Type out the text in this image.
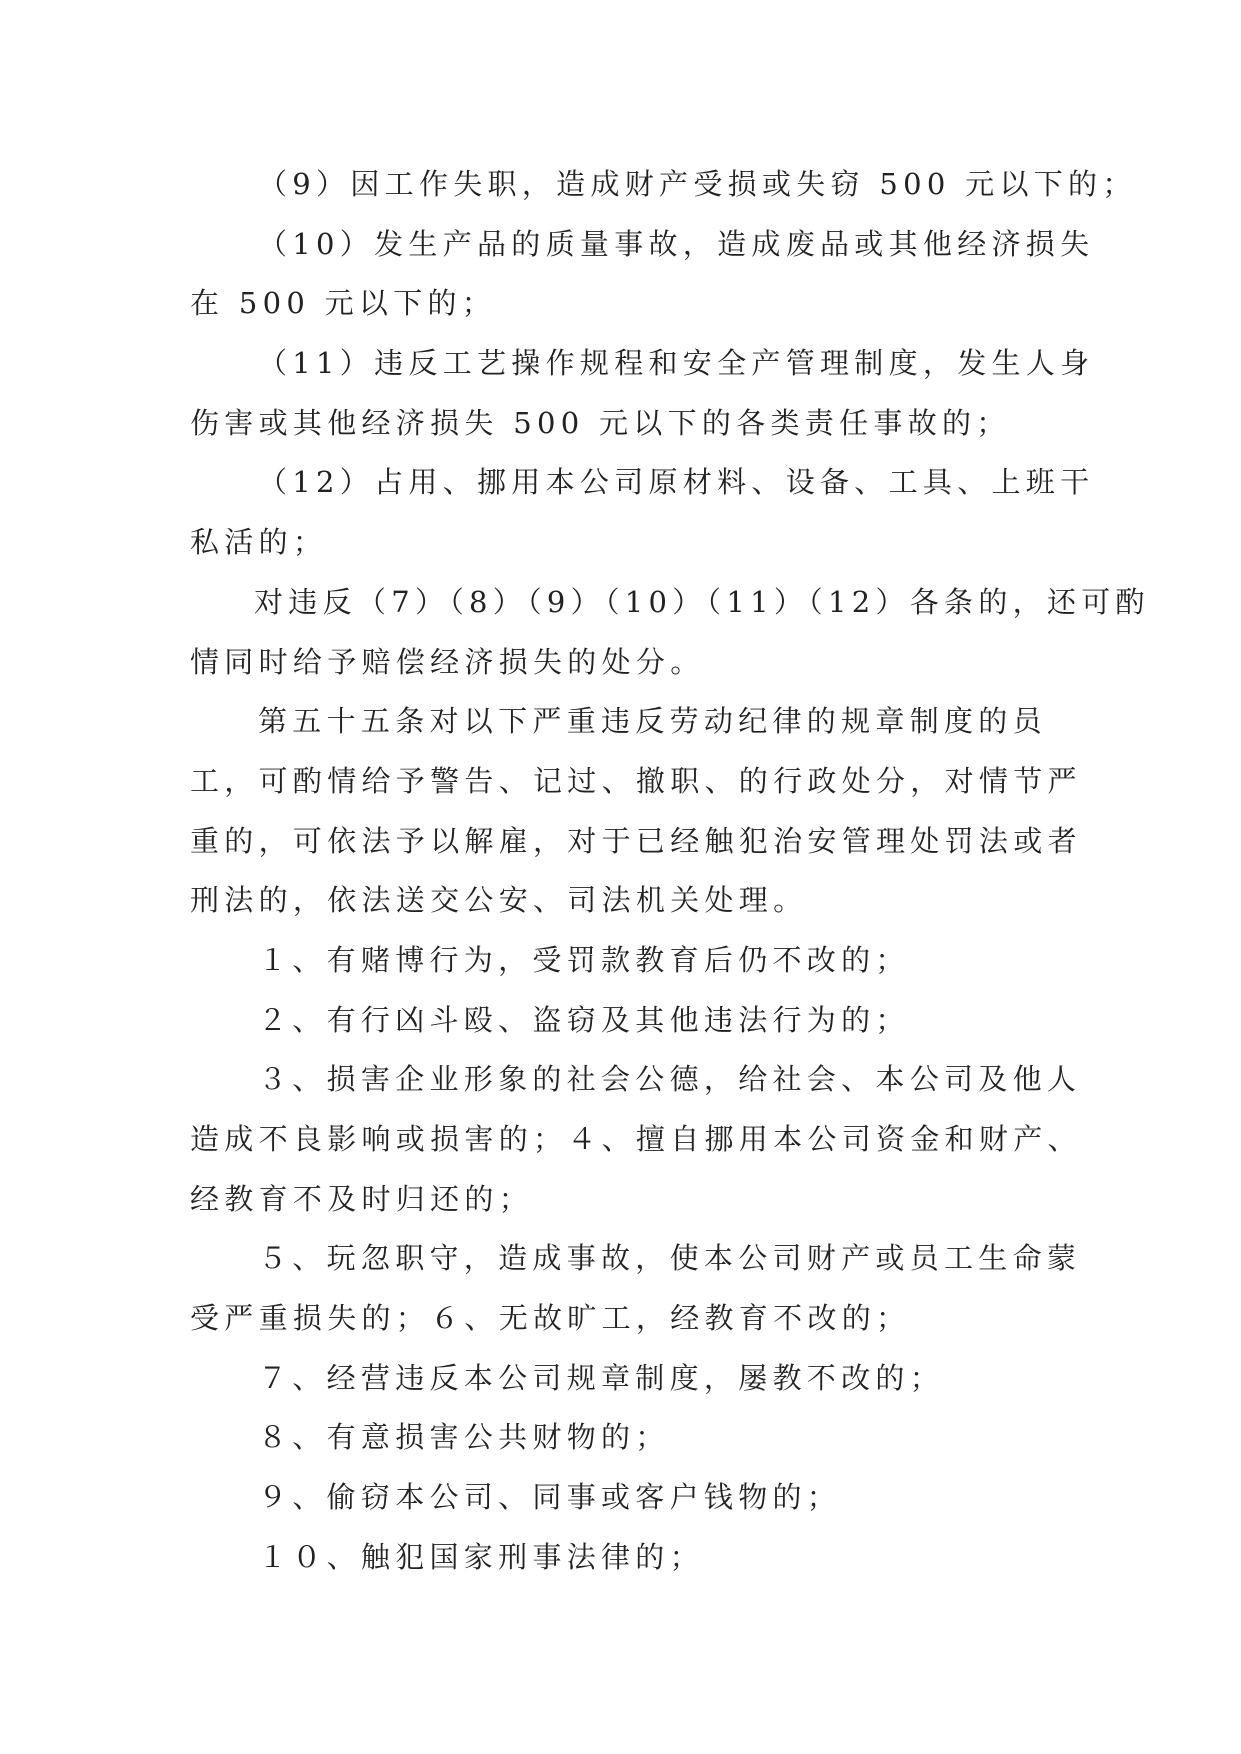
（9）因工作失职，造成财产受损或失窃 500 元以下的；
（10）发生产品的质量事故，造成废品或其他经济损失
在 500 元以下的；
（11）违反工艺操作规程和安全产管理制度，发生人身
伤害或其他经济损失 500 元以下的各类责任事故的；
（12）占用、挪用本公司原材料、设备、工具、上班干
私活的；
对违反（7）（8）（9）（10）（11）（12）各条的，还可酌
情同时给予赔偿经济损失的处分。
第五十五条对以下严重违反劳动纪律的规章制度的员
工，可酌情给予警告、记过、撤职、的行政处分，对情节严
重的，可依法予以解雇，对于已经触犯治安管理处罚法或者
刑法的，依法送交公安、司法机关处理。
１、有赌博行为，受罚款教育后仍不改的；
２、有行凶斗殴、盗窃及其他违法行为的；
３、损害企业形象的社会公德，给社会、本公司及他人
造成不良影响或损害的；４、擅自挪用本公司资金和财产、
经教育不及时归还的；
５、玩忽职守，造成事故，使本公司财产或员工生命蒙
受严重损失的；６、无故旷工，经教育不改的；
７、经营违反本公司规章制度，屡教不改的；
８、有意损害公共财物的；
９、偷窃本公司、同事或客户钱物的；
１０、触犯国家刑事法律的；
